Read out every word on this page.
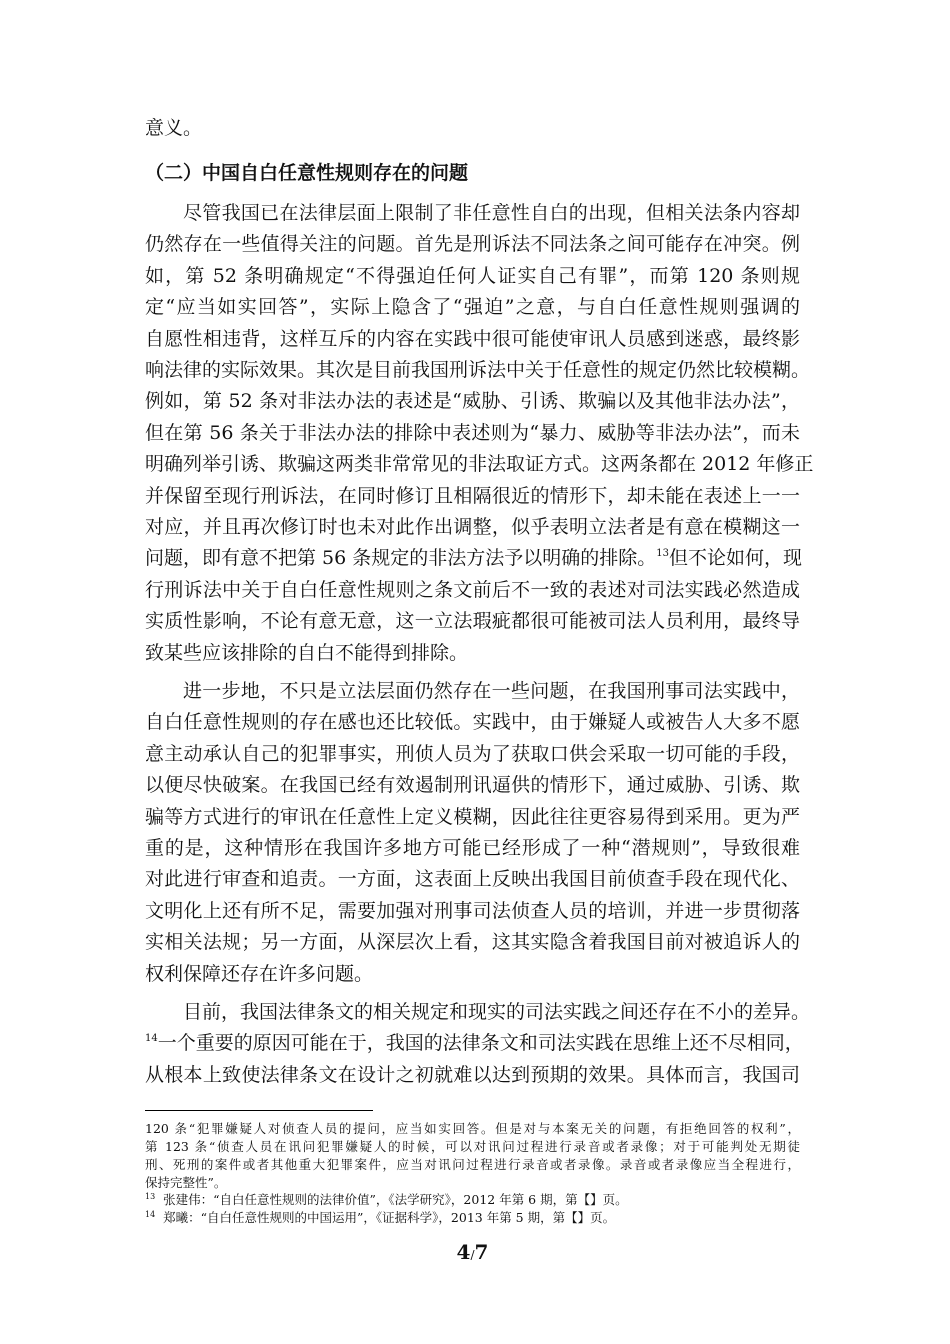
意义。
（二）中国自白任意性规则存在的问题
尽管我国已在法律层面上限制了非任意性自白的出现，但相关法条内容却
仍然存在一些值得关注的问题。首先是刑诉法不同法条之间可能存在冲突。例
如，第 52 条明确规定“不得强迫任何人证实自己有罪”，而第 120 条则规
定“应当如实回答”，实际上隐含了“强迫”之意，与自白任意性规则强调的
自愿性相违背，这样互斥的内容在实践中很可能使审讯人员感到迷惑，最终影
响法律的实际效果。其次是目前我国刑诉法中关于任意性的规定仍然比较模糊。
例如，第 52 条对非法办法的表述是“威胁、引诱、欺骗以及其他非法办法”，
但在第 56 条关于非法办法的排除中表述则为“暴力、威胁等非法办法”，而未
明确列举引诱、欺骗这两类非常常见的非法取证方式。这两条都在 2012 年修正
并保留至现行刑诉法，在同时修订且相隔很近的情形下，却未能在表述上一一
对应，并且再次修订时也未对此作出调整，似乎表明立法者是有意在模糊这一
问题，即有意不把第 56 条规定的非法方法予以明确的排除。$^{13}$但不论如何，现
行刑诉法中关于自白任意性规则之条文前后不一致的表述对司法实践必然造成
实质性影响，不论有意无意，这一立法瑕疵都很可能被司法人员利用，最终导
致某些应该排除的自白不能得到排除。
进一步地，不只是立法层面仍然存在一些问题，在我国刑事司法实践中，
自白任意性规则的存在感也还比较低。实践中，由于嫌疑人或被告人大多不愿
意主动承认自己的犯罪事实，刑侦人员为了获取口供会采取一切可能的手段，
以便尽快破案。在我国已经有效遏制刑讯逼供的情形下，通过威胁、引诱、欺
骗等方式进行的审讯在任意性上定义模糊，因此往往更容易得到采用。更为严
重的是，这种情形在我国许多地方可能已经形成了一种“潜规则”，导致很难
对此进行审查和追责。一方面，这表面上反映出我国目前侦查手段在现代化、
文明化上还有所不足，需要加强对刑事司法侦查人员的培训，并进一步贯彻落
实相关法规；另一方面，从深层次上看，这其实隐含着我国目前对被追诉人的
权利保障还存在许多问题。
目前，我国法律条文的相关规定和现实的司法实践之间还存在不小的差异。
$^{14}$一个重要的原因可能在于，我国的法律条文和司法实践在思维上还不尽相同，
从根本上致使法律条文在设计之初就难以达到预期的效果。具体而言，我国司
120 条“犯罪嫌疑人对侦查人员的提问，应当如实回答。但是对与本案无关的问题，有拒绝回答的权利”，
第 123 条“侦查人员在讯问犯罪嫌疑人的时候，可以对讯问过程进行录音或者录像；对于可能判处无期徒
刑、死刑的案件或者其他重大犯罪案件，应当对讯问过程进行录音或者录像。录音或者录像应当全程进行，
保持完整性”。
$^{13}$  张建伟：“自白任意性规则的法律价值”，《法学研究》，2012 年第 6 期，第【】页。
$^{14}$  郑曦：“自白任意性规则的中国运用”，《证据科学》，2013 年第 5 期，第【】页。
4/7
